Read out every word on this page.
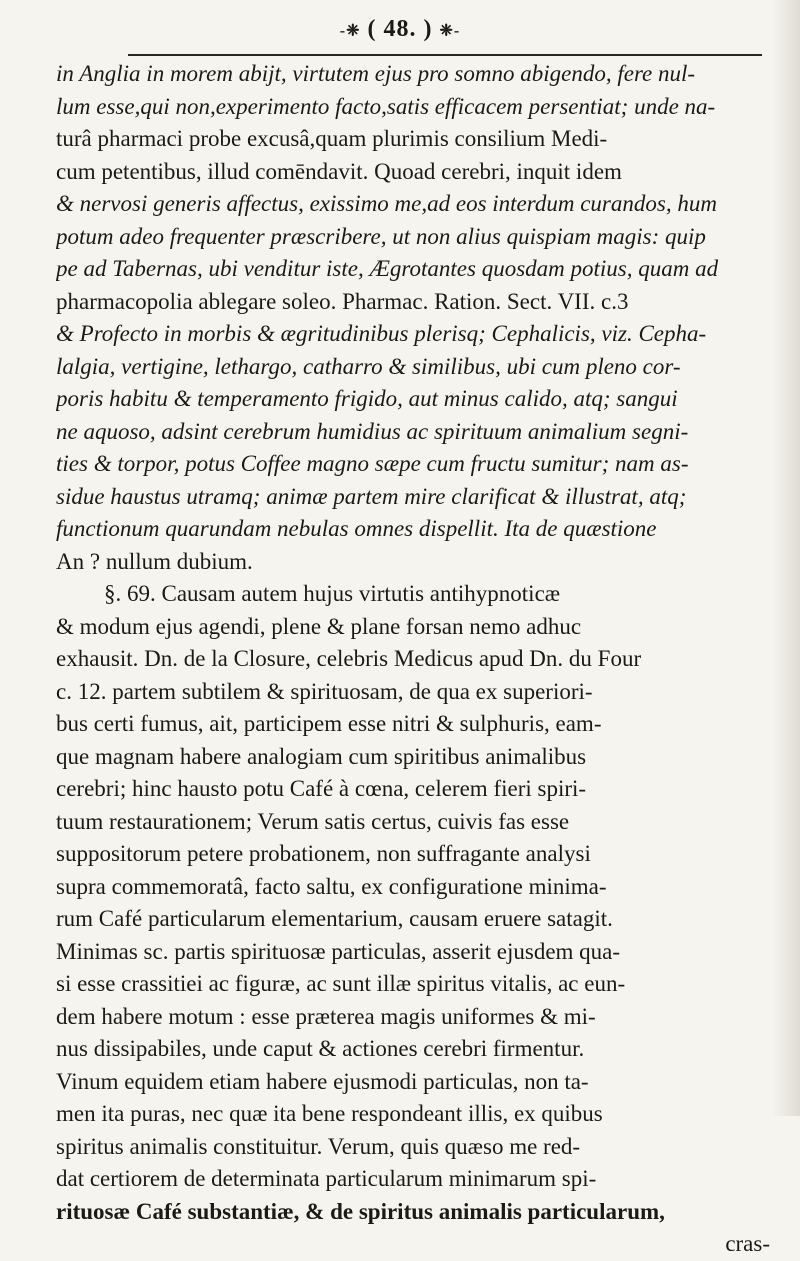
-❈ ( 48. ) ❈-
in Anglia in morem abijt, virtutem ejus pro somno abigendo, fere nul-
lum esse,qui non,experimento facto,satis efficacem persentiat; unde na-
turâ pharmaci probe excusâ,quam plurimis consilium Medi-
cum petentibus, illud comēndavit. Quoad cerebri, inquit idem
& nervosi generis affectus, exissimo me,ad eos interdum curandos, hum
potum adeo frequenter præscribere, ut non alius quispiam magis: quip
pe ad Tabernas, ubi venditur iste, Ægrotantes quosdam potius, quam ad
pharmacopolia ablegare soleo. Pharmac. Ration. Sect. VII. c.3
& Profecto in morbis & ægritudinibus plerisq; Cephalicis, viz. Cepha-
lalgia, vertigine, lethargo, catharro & similibus, ubi cum pleno cor-
poris habitu & temperamento frigido, aut minus calido, atq; sangui
ne aquoso, adsint cerebrum humidius ac spirituum animalium segni-
ties & torpor, potus Coffee magno sæpe cum fructu sumitur; nam as-
sidue haustus utramq; animæ partem mire clarificat & illustrat, atq;
functionum quarundam nebulas omnes dispellit. Ita de quæstione
An ? nullum dubium.
§. 69. Causam autem hujus virtutis antihypnoticæ
& modum ejus agendi, plene & plane forsan nemo adhuc
exhausit. Dn. de la Closure, celebris Medicus apud Dn. du Four
c. 12. partem subtilem & spirituosam, de qua ex superiori-
bus certi fumus, ait, participem esse nitri & sulphuris, eam-
que magnam habere analogiam cum spiritibus animalibus
cerebri; hinc hausto potu Café à cœna, celerem fieri spiri-
tuum restaurationem; Verum satis certus, cuivis fas esse
suppositorum petere probationem, non suffragante analysi
supra commemoratâ, facto saltu, ex configuratione minima-
rum Café particularum elementarium, causam eruere satagit.
Minimas sc. partis spirituosæ particulas, asserit ejusdem qua-
si esse crassitiei ac figuræ, ac sunt illæ spiritus vitalis, ac eun-
dem habere motum : esse præterea magis uniformes & mi-
nus dissipabiles, unde caput & actiones cerebri firmentur.
Vinum equidem etiam habere ejusmodi particulas, non ta-
men ita puras, nec quæ ita bene respondeant illis, ex quibus
spiritus animalis constituitur. Verum, quis quæso me red-
dat certiorem de determinata particularum minimarum spi-
rituosæ Café substantiæ, & de spiritus animalis particularum,
cras-
